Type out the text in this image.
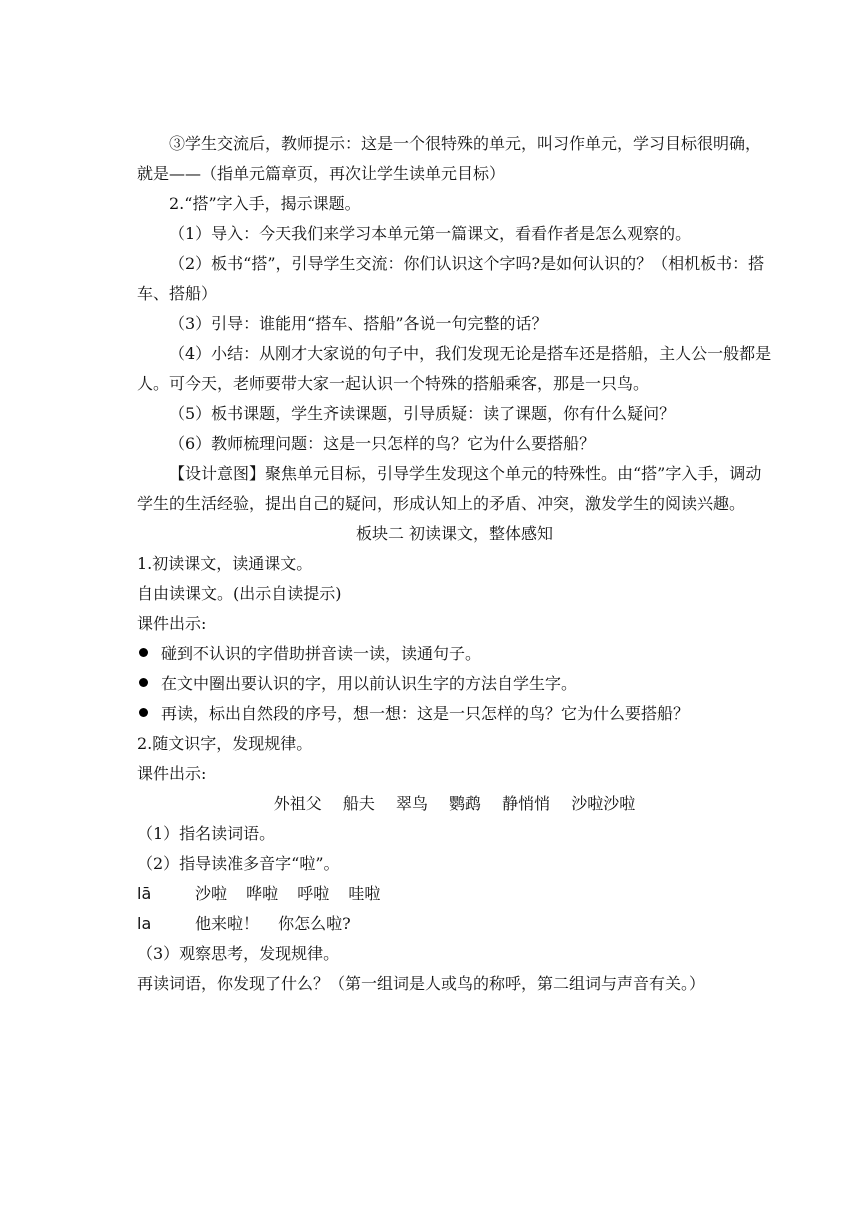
③学生交流后，教师提示：这是一个很特殊的单元，叫习作单元，学习目标很明确，就是——（指单元篇章页，再次让学生读单元目标）

2.“搭”字入手，揭示课题。

（1）导入：今天我们来学习本单元第一篇课文，看看作者是怎么观察的。

（2）板书“搭”，引导学生交流：你们认识这个字吗?是如何认识的？（相机板书：搭车、搭船）

（3）引导：谁能用“搭车、搭船”各说一句完整的话？

（4）小结：从刚才大家说的句子中，我们发现无论是搭车还是搭船，主人公一般都是人。可今天，老师要带大家一起认识一个特殊的搭船乘客，那是一只鸟。

（5）板书课题，学生齐读课题，引导质疑：读了课题，你有什么疑问？

（6）教师梳理问题：这是一只怎样的鸟？它为什么要搭船？

【设计意图】聚焦单元目标，引导学生发现这个单元的特殊性。由“搭”字入手，调动学生的生活经验，提出自己的疑问，形成认知上的矛盾、冲突，激发学生的阅读兴趣。

板块二 初读课文，整体感知

1.初读课文，读通课文。

自由读课文。(出示自读提示)

课件出示:

碰到不认识的字借助拼音读一读，读通句子。
在文中圈出要认识的字，用以前认识生字的方法自学生字。
再读，标出自然段的序号，想一想：这是一只怎样的鸟？它为什么要搭船？

2.随文识字，发现规律。

课件出示:

外祖父 船夫 翠鸟 鹦鹉 静悄悄 沙啦沙啦

（1）指名读词语。

（2）指导读准多音字“啦”。

lā	沙啦 哗啦 呼啦 哇啦
la	他来啦！ 你怎么啦?

（3）观察思考，发现规律。

再读词语，你发现了什么？（第一组词是人或鸟的称呼，第二组词与声音有关。）
